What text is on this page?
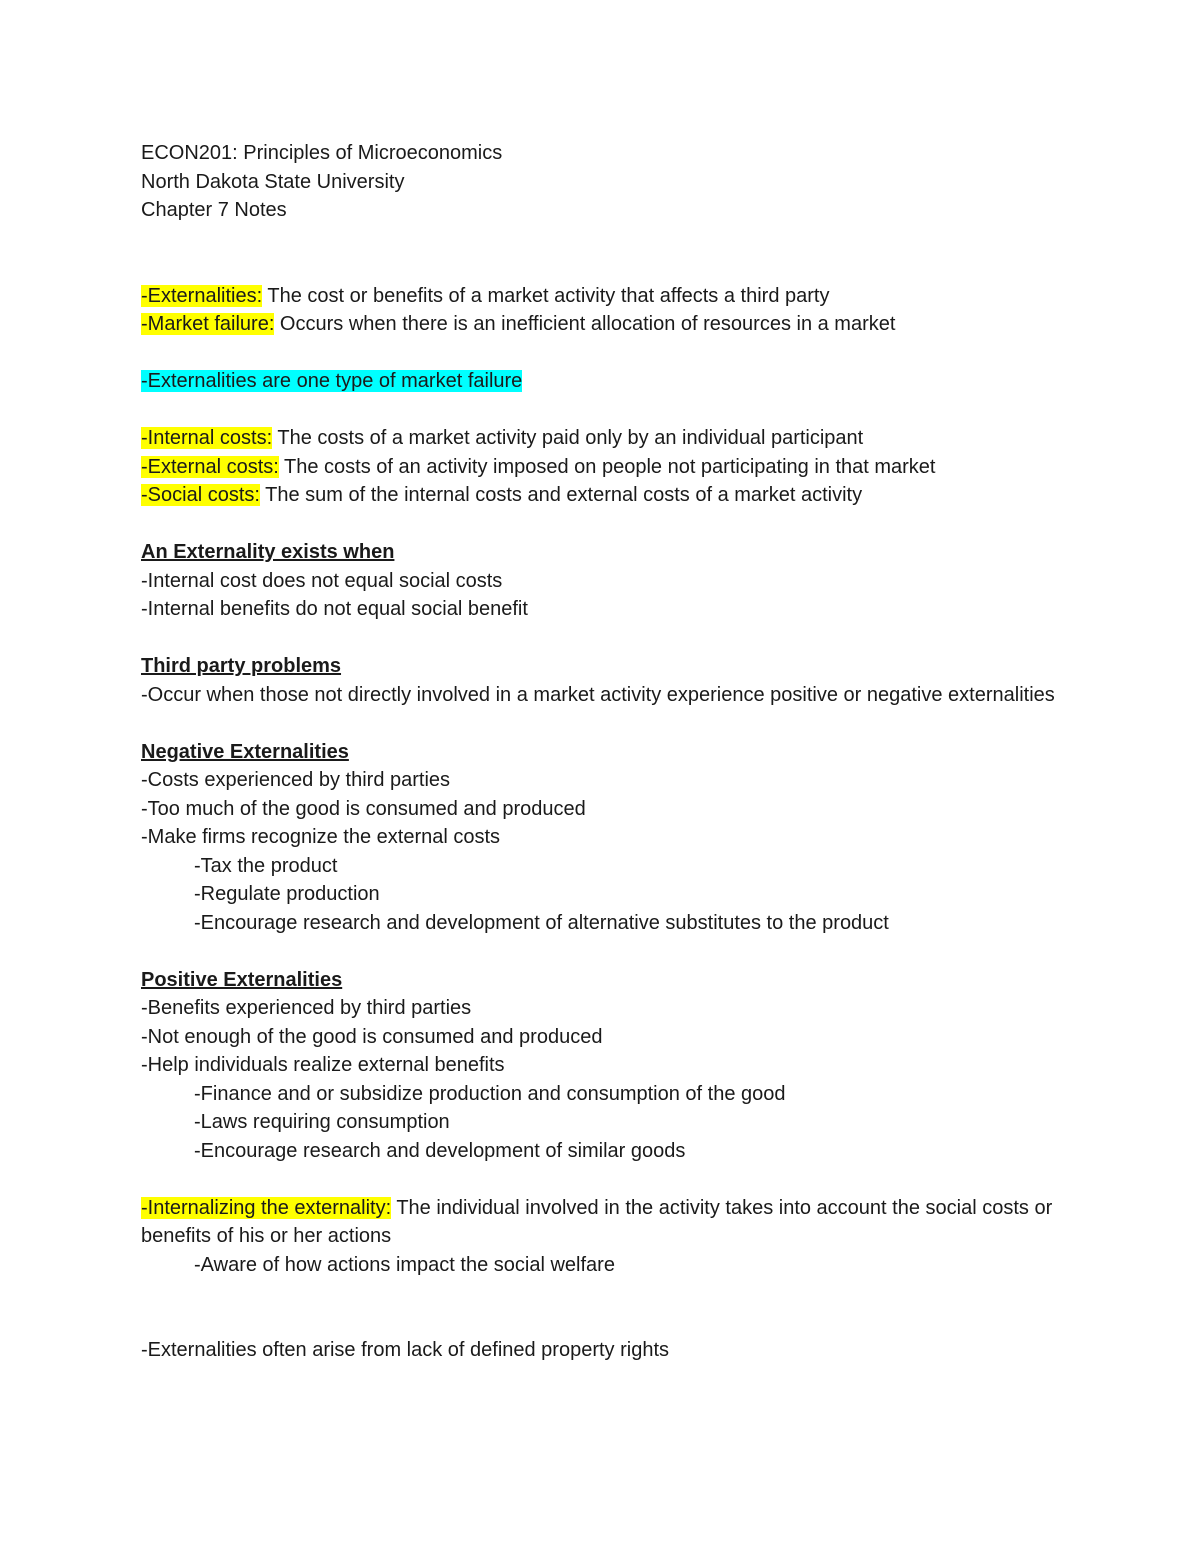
ECON201: Principles of Microeconomics
North Dakota State University
Chapter 7 Notes
-Externalities: The cost or benefits of a market activity that affects a third party
-Market failure: Occurs when there is an inefficient allocation of resources in a market
-Externalities are one type of market failure
-Internal costs: The costs of a market activity paid only by an individual participant
-External costs: The costs of an activity imposed on people not participating in that market
-Social costs: The sum of the internal costs and external costs of a market activity
An Externality exists when
-Internal cost does not equal social costs
-Internal benefits do not equal social benefit
Third party problems
-Occur when those not directly involved in a market activity experience positive or negative externalities
Negative Externalities
-Costs experienced by third parties
-Too much of the good is consumed and produced
-Make firms recognize the external costs
-Tax the product
-Regulate production
-Encourage research and development of alternative substitutes to the product
Positive Externalities
-Benefits experienced by third parties
-Not enough of the good is consumed and produced
-Help individuals realize external benefits
-Finance and or subsidize production and consumption of the good
-Laws requiring consumption
-Encourage research and development of similar goods
-Internalizing the externality: The individual involved in the activity takes into account the social costs or benefits of his or her actions
-Aware of how actions impact the social welfare
-Externalities often arise from lack of defined property rights
